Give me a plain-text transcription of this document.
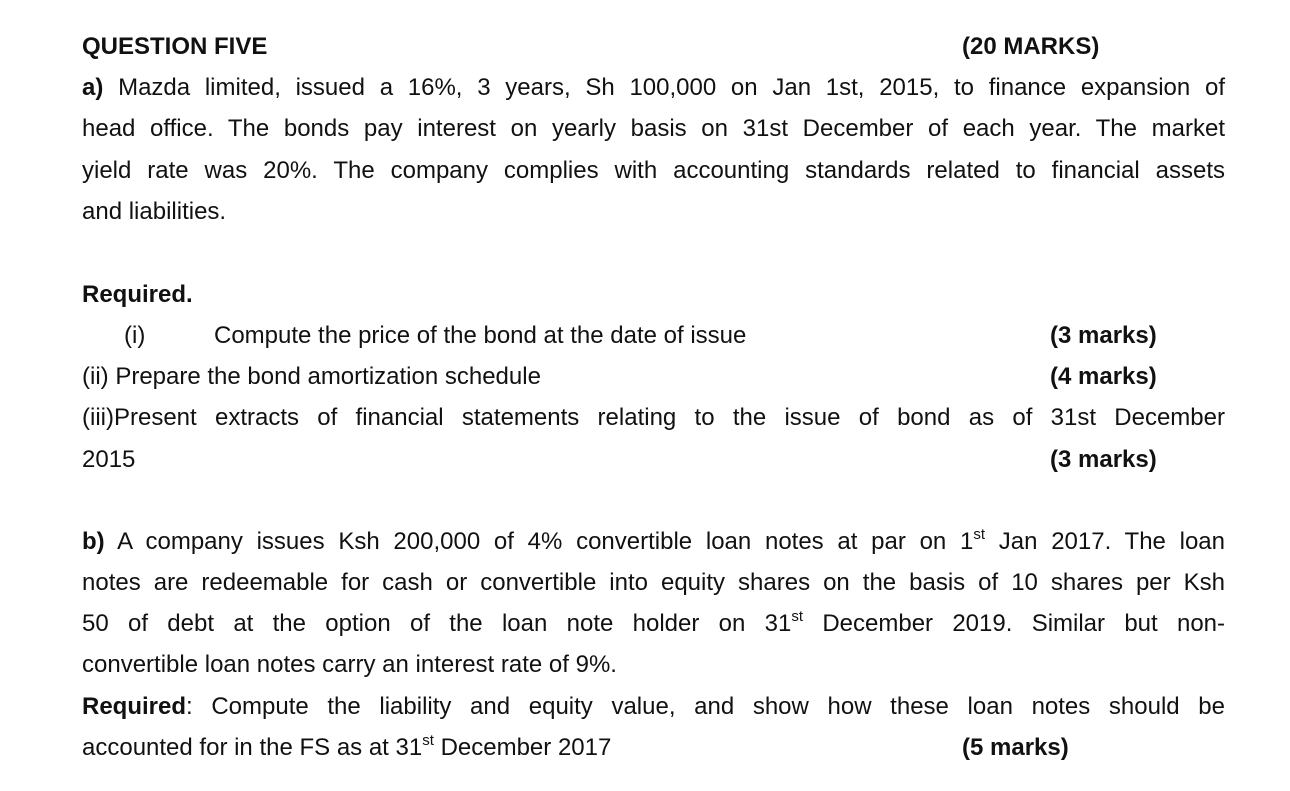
QUESTION FIVE	(20 MARKS)
a) Mazda limited, issued a 16%, 3 years, Sh 100,000 on Jan 1st, 2015, to finance expansion of
head office. The bonds pay interest on yearly basis on 31st December of each year. The market
yield rate was 20%. The company complies with accounting standards related to financial assets
and liabilities.
Required.
(i)	Compute the price of the bond at the date of issue	(3 marks)
(ii) Prepare the bond amortization schedule	(4 marks)
(iii)Present extracts of financial statements relating to the issue of bond as of 31st December
2015	(3 marks)
b) A company issues Ksh 200,000 of 4% convertible loan notes at par on 1st Jan 2017. The loan
notes are redeemable for cash or convertible into equity shares on the basis of 10 shares per Ksh
50 of debt at the option of the loan note holder on 31st December 2019. Similar but non-
convertible loan notes carry an interest rate of 9%.
Required: Compute the liability and equity value, and show how these loan notes should be
accounted for in the FS as at 31st December 2017	(5 marks)
